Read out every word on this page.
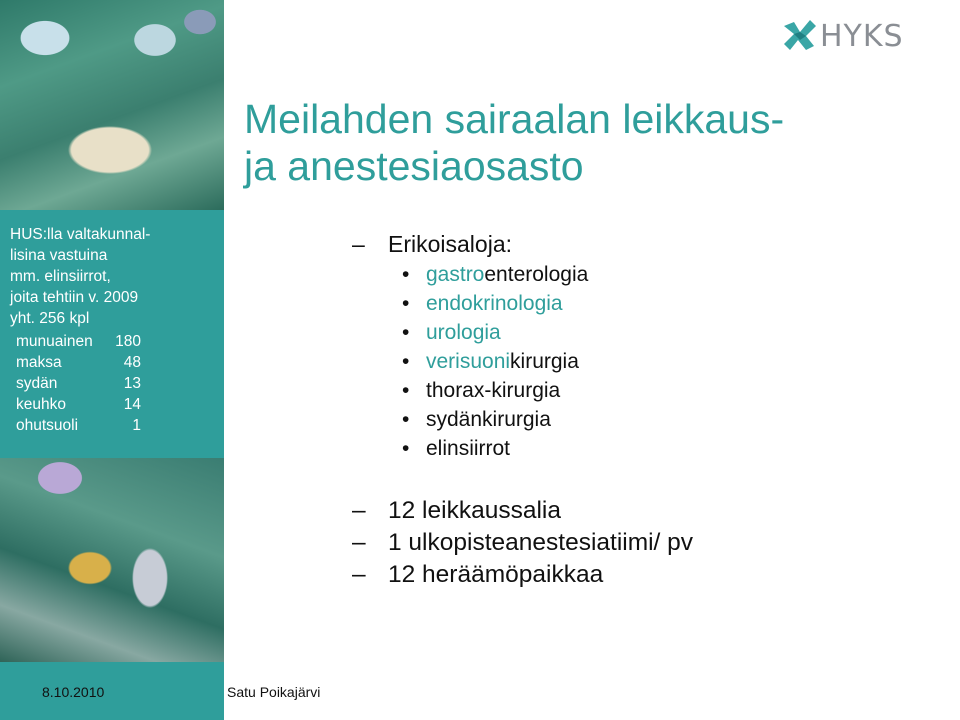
HUS:lla valtakunnal-
lisina vastuina
mm. elinsiirrot,
joita tehtiin v. 2009
yht. 256 kpl

munuainen	180
maksa	48
sydän	13
keuhko	14
ohutsuoli	1
HYKS
Meilahden sairaalan leikkaus-
ja anestesiaosasto
–	Erikoisaloja:
• gastro enterologia
• endokrinologia
• urologia
• verisuoni kirurgia
• thorax-kirurgia
• sydänkirurgia
• elinsiirrot
– 12 leikkaussalia
– 1 ulkopisteanestesiatiimi/ pv
– 12 heräämöpaikkaa
8.10.2010	Satu Poikajärvi
